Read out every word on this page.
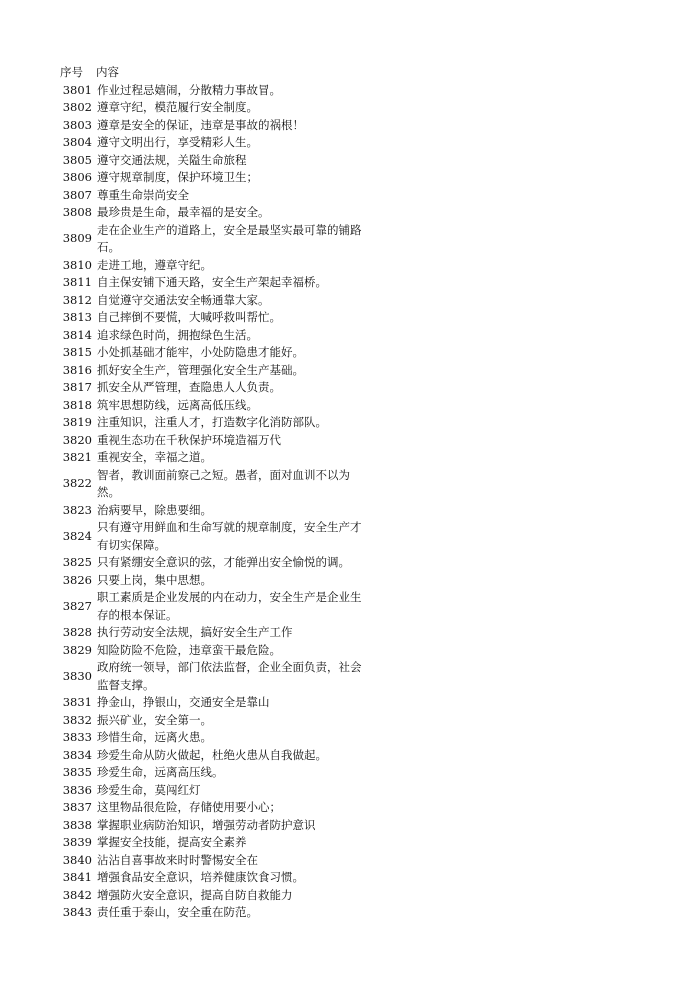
序号	内容
3801 作业过程忌嬉闹，分散精力事故冒。
3802 遵章守纪，模范履行安全制度。
3803 遵章是安全的保证，违章是事故的祸根！
3804 遵守文明出行，享受精彩人生。
3805 遵守交通法规，关隘生命旅程
3806 遵守规章制度，保护环境卫生；
3807 尊重生命崇尚安全
3808 最珍贵是生命，最幸福的是安全。
3809
走在企业生产的道路上，安全是最坚实最可靠的铺路石。
3810 走进工地，遵章守纪。
3811 自主保安铺下通天路，安全生产架起幸福桥。
3812 自觉遵守交通法安全畅通靠大家。
3813 自己摔倒不要慌，大喊呼救叫帮忙。
3814 追求绿色时尚，拥抱绿色生活。
3815 小处抓基础才能牢，小处防隐患才能好。
3816 抓好安全生产，管理强化安全生产基础。
3817 抓安全从严管理，查隐患人人负责。
3818 筑牢思想防线，远离高低压线。
3819 注重知识，注重人才，打造数字化消防部队。
3820 重视生态功在千秋保护环境造福万代
3821 重视安全，幸福之道。
3822
智者，教训面前察己之短。愚者，面对血训不以为然。
3823 治病要早，除患要细。
3824
只有遵守用鲜血和生命写就的规章制度，安全生产才有切实保障。
3825 只有紧绷安全意识的弦，才能弹出安全愉悦的调。
3826 只要上岗，集中思想。
3827
职工素质是企业发展的内在动力，安全生产是企业生存的根本保证。
3828 执行劳动安全法规，搞好安全生产工作
3829 知险防险不危险，违章蛮干最危险。
3830
政府统一领导，部门依法监督，企业全面负责，社会监督支撑。
3831 挣金山，挣银山，交通安全是靠山
3832 振兴矿业，安全第一。
3833 珍惜生命，远离火患。
3834 珍爱生命从防火做起，杜绝火患从自我做起。
3835 珍爱生命，远离高压线。
3836 珍爱生命，莫闯红灯
3837 这里物品很危险，存储使用要小心；
3838 掌握职业病防治知识，增强劳动者防护意识
3839 掌握安全技能，提高安全素养
3840 沾沾自喜事故来时时警惕安全在
3841 增强食品安全意识，培养健康饮食习惯。
3842 增强防火安全意识，提高自防自救能力
3843 责任重于泰山，安全重在防范。
